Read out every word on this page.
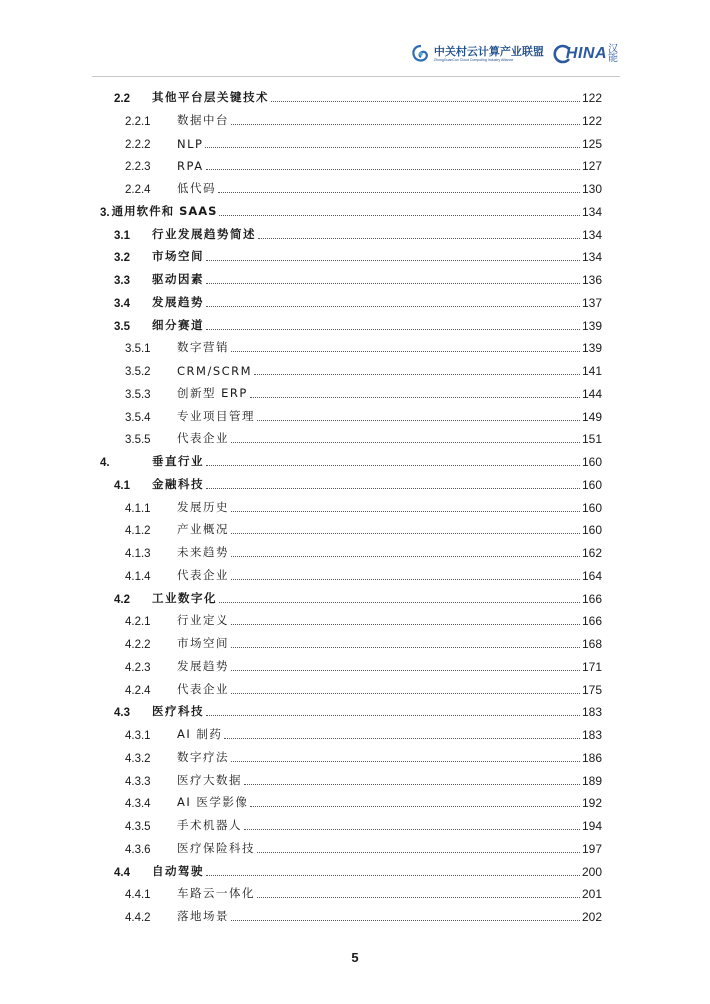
中关村云计算产业联盟
ZhongGuanCun Cloud Computing Industry Alliance	HINA 汉能
2.2	其他平台层关键技术	122
2.2.1	数据中台	122
2.2.2	NLP	125
2.2.3	RPA	127
2.2.4	低代码	130
3. 通用软件和 SAAS	134
3.1	行业发展趋势简述	134
3.2	市场空间	134
3.3	驱动因素	136
3.4	发展趋势	137
3.5	细分赛道	139
3.5.1	数字营销	139
3.5.2	CRM/SCRM	141
3.5.3	创新型 ERP	144
3.5.4	专业项目管理	149
3.5.5	代表企业	151
4.	垂直行业	160
4.1	金融科技	160
4.1.1	发展历史	160
4.1.2	产业概况	160
4.1.3	未来趋势	162
4.1.4	代表企业	164
4.2	工业数字化	166
4.2.1	行业定义	166
4.2.2	市场空间	168
4.2.3	发展趋势	171
4.2.4	代表企业	175
4.3	医疗科技	183
4.3.1	AI 制药	183
4.3.2	数字疗法	186
4.3.3	医疗大数据	189
4.3.4	AI 医学影像	192
4.3.5	手术机器人	194
4.3.6	医疗保险科技	197
4.4	自动驾驶	200
4.4.1	车路云一体化	201
4.4.2	落地场景	202
5
